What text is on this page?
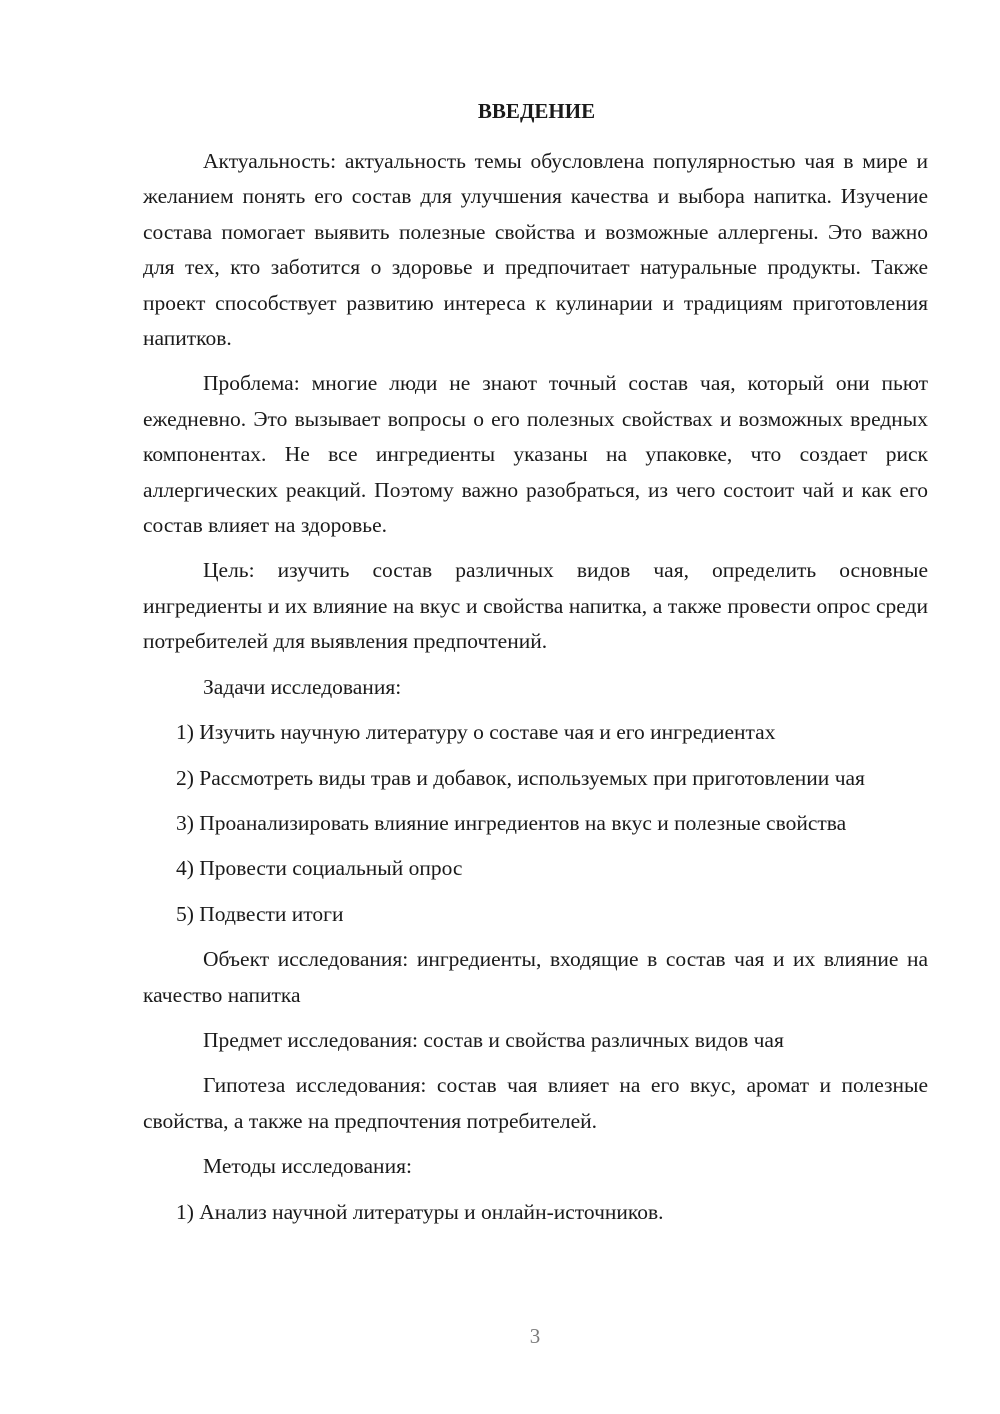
ВВЕДЕНИЕ

Актуальность: актуальность темы обусловлена популярностью чая в мире и желанием понять его состав для улучшения качества и выбора напитка. Изучение состава помогает выявить полезные свойства и возможные аллергены. Это важно для тех, кто заботится о здоровье и предпочитает натуральные продукты. Также проект способствует развитию интереса к кулинарии и традициям приготовления напитков.

Проблема: многие люди не знают точный состав чая, который они пьют ежедневно. Это вызывает вопросы о его полезных свойствах и возможных вредных компонентах. Не все ингредиенты указаны на упаковке, что создает риск аллергических реакций. Поэтому важно разобраться, из чего состоит чай и как его состав влияет на здоровье.

Цель: изучить состав различных видов чая, определить основные ингредиенты и их влияние на вкус и свойства напитка, а также провести опрос среди потребителей для выявления предпочтений.

Задачи исследования:

1) Изучить научную литературу о составе чая и его ингредиентах

2) Рассмотреть виды трав и добавок, используемых при приготовлении чая

3) Проанализировать влияние ингредиентов на вкус и полезные свойства

4) Провести социальный опрос

5) Подвести итоги

Объект исследования: ингредиенты, входящие в состав чая и их влияние на качество напитка

Предмет исследования: состав и свойства различных видов чая

Гипотеза исследования: состав чая влияет на его вкус, аромат и полезные свойства, а также на предпочтения потребителей.

Методы исследования:

1) Анализ научной литературы и онлайн-источников.

3
